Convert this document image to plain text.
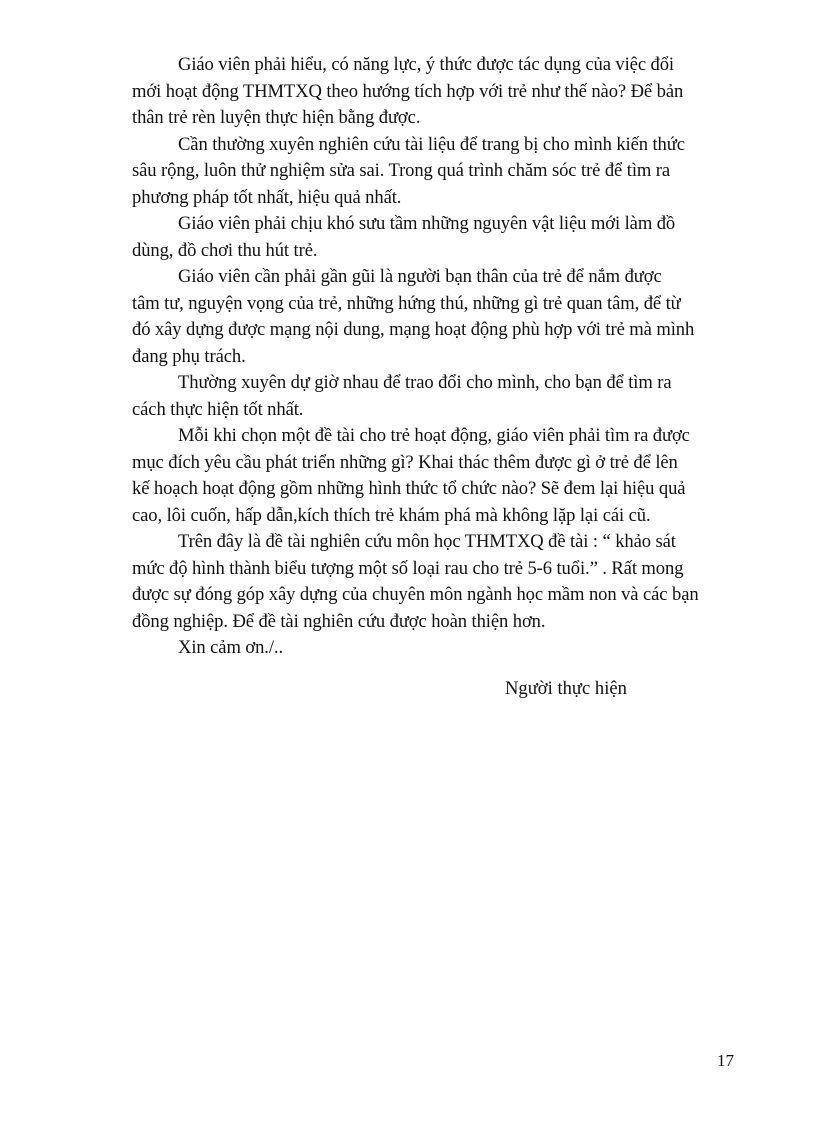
Giáo viên phải hiểu, có năng lực, ý thức được tác dụng của việc đổi
mới hoạt động THMTXQ theo hướng tích hợp với trẻ như thế nào? Để bản
thân trẻ rèn luyện thực hiện bằng được.

Cần thường xuyên nghiên cứu tài liệu để trang bị cho mình kiến thức
sâu rộng, luôn thử nghiệm sửa sai. Trong quá trình chăm sóc trẻ để tìm ra
phương pháp tốt nhất, hiệu quả nhất.

Giáo viên phải chịu khó sưu tầm những nguyên vật liệu mới làm đồ
dùng, đồ chơi thu hút trẻ.

Giáo viên cần phải gần gũi là người bạn thân của trẻ để nắm được
tâm tư, nguyện vọng của trẻ, những hứng thú, những gì trẻ quan tâm, để từ
đó xây dựng được mạng nội dung, mạng hoạt động phù hợp với trẻ mà mình
đang phụ trách.

Thường xuyên dự giờ nhau để trao đổi cho mình, cho bạn để tìm ra
cách thực hiện tốt nhất.

Mỗi khi chọn một đề tài cho trẻ hoạt động, giáo viên phải tìm ra được
mục đích yêu cầu phát triển những gì? Khai thác thêm được gì ở trẻ để lên
kế hoạch hoạt động gồm những hình thức tổ chức nào? Sẽ đem lại hiệu quả
cao, lôi cuốn, hấp dẫn,kích thích trẻ khám phá mà không lặp lại cái cũ.

Trên đây là đề tài nghiên cứu môn học THMTXQ đề tài : “ khảo sát
mức độ hình thành biểu tượng một số loại rau cho trẻ 5-6 tuổi.” . Rất mong
được sự đóng góp xây dựng của chuyên môn ngành học mầm non và các bạn
đồng nghiệp. Để đề tài nghiên cứu được hoàn thiện hơn.

Xin cảm ơn./..

Người thực hiện
17
